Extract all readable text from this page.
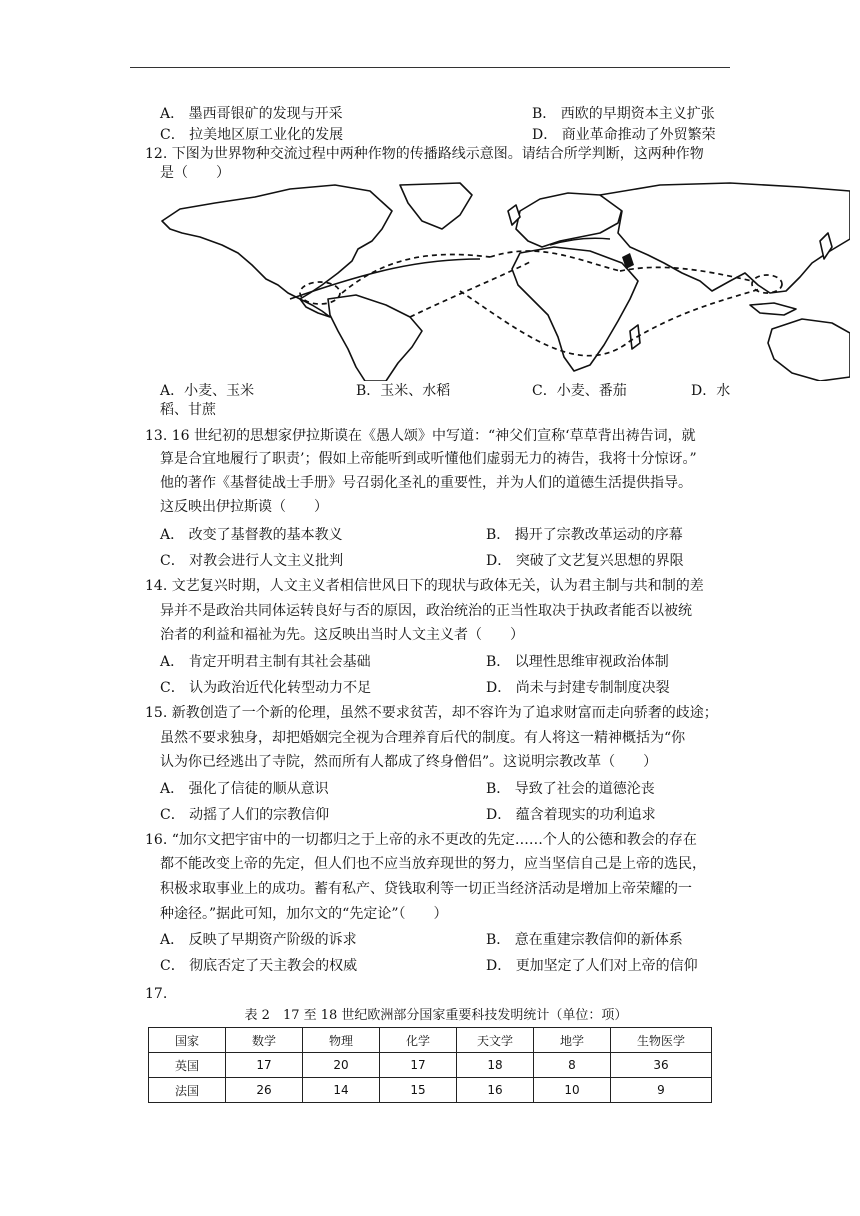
A． 墨西哥银矿的发现与开采	B． 西欧的早期资本主义扩张
C． 拉美地区原工业化的发展	D． 商业革命推动了外贸繁荣
12. 下图为世界物种交流过程中两种作物的传播路线示意图。请结合所学判断，这两种作物
是（　　）
A．小麦、玉米	B．玉米、水稻	C．小麦、番茄	D．水
稻、甘蔗
13. 16 世纪初的思想家伊拉斯谟在《愚人颂》中写道：“神父们宣称‘草草背出祷告词，就
算是合宜地履行了职责’；假如上帝能听到或听懂他们虚弱无力的祷告，我将十分惊讶。”
他的著作《基督徒战士手册》号召弱化圣礼的重要性，并为人们的道德生活提供指导。
这反映出伊拉斯谟（　　）
A． 改变了基督教的基本教义	B． 揭开了宗教改革运动的序幕
C． 对教会进行人文主义批判	D． 突破了文艺复兴思想的界限
14. 文艺复兴时期，人文主义者相信世风日下的现状与政体无关，认为君主制与共和制的差
异并不是政治共同体运转良好与否的原因，政治统治的正当性取决于执政者能否以被统
治者的利益和福祉为先。这反映出当时人文主义者（　　）
A． 肯定开明君主制有其社会基础	B． 以理性思维审视政治体制
C． 认为政治近代化转型动力不足	D． 尚未与封建专制制度决裂
15. 新教创造了一个新的伦理，虽然不要求贫苦，却不容许为了追求财富而走向骄奢的歧途；
虽然不要求独身，却把婚姻完全视为合理养育后代的制度。有人将这一精神概括为“你
认为你已经逃出了寺院，然而所有人都成了终身僧侣”。这说明宗教改革（　　）
A． 强化了信徒的顺从意识	B． 导致了社会的道德沦丧
C． 动摇了人们的宗教信仰	D． 蕴含着现实的功利追求
16. “加尔文把宇宙中的一切都归之于上帝的永不更改的先定……个人的公德和教会的存在
都不能改变上帝的先定，但人们也不应当放弃现世的努力，应当坚信自己是上帝的选民，
积极求取事业上的成功。蓄有私产、贷钱取利等一切正当经济活动是增加上帝荣耀的一
种途径。”据此可知，加尔文的“先定论”（　　）
A． 反映了早期资产阶级的诉求	B． 意在重建宗教信仰的新体系
C． 彻底否定了天主教会的权威	D． 更加坚定了人们对上帝的信仰
17.
表 2　17 至 18 世纪欧洲部分国家重要科技发明统计（单位：项）
国家	数学	物理	化学	天文学	地学	生物医学
英国	17	20	17	18	8	36
法国	26	14	15	16	10	9
